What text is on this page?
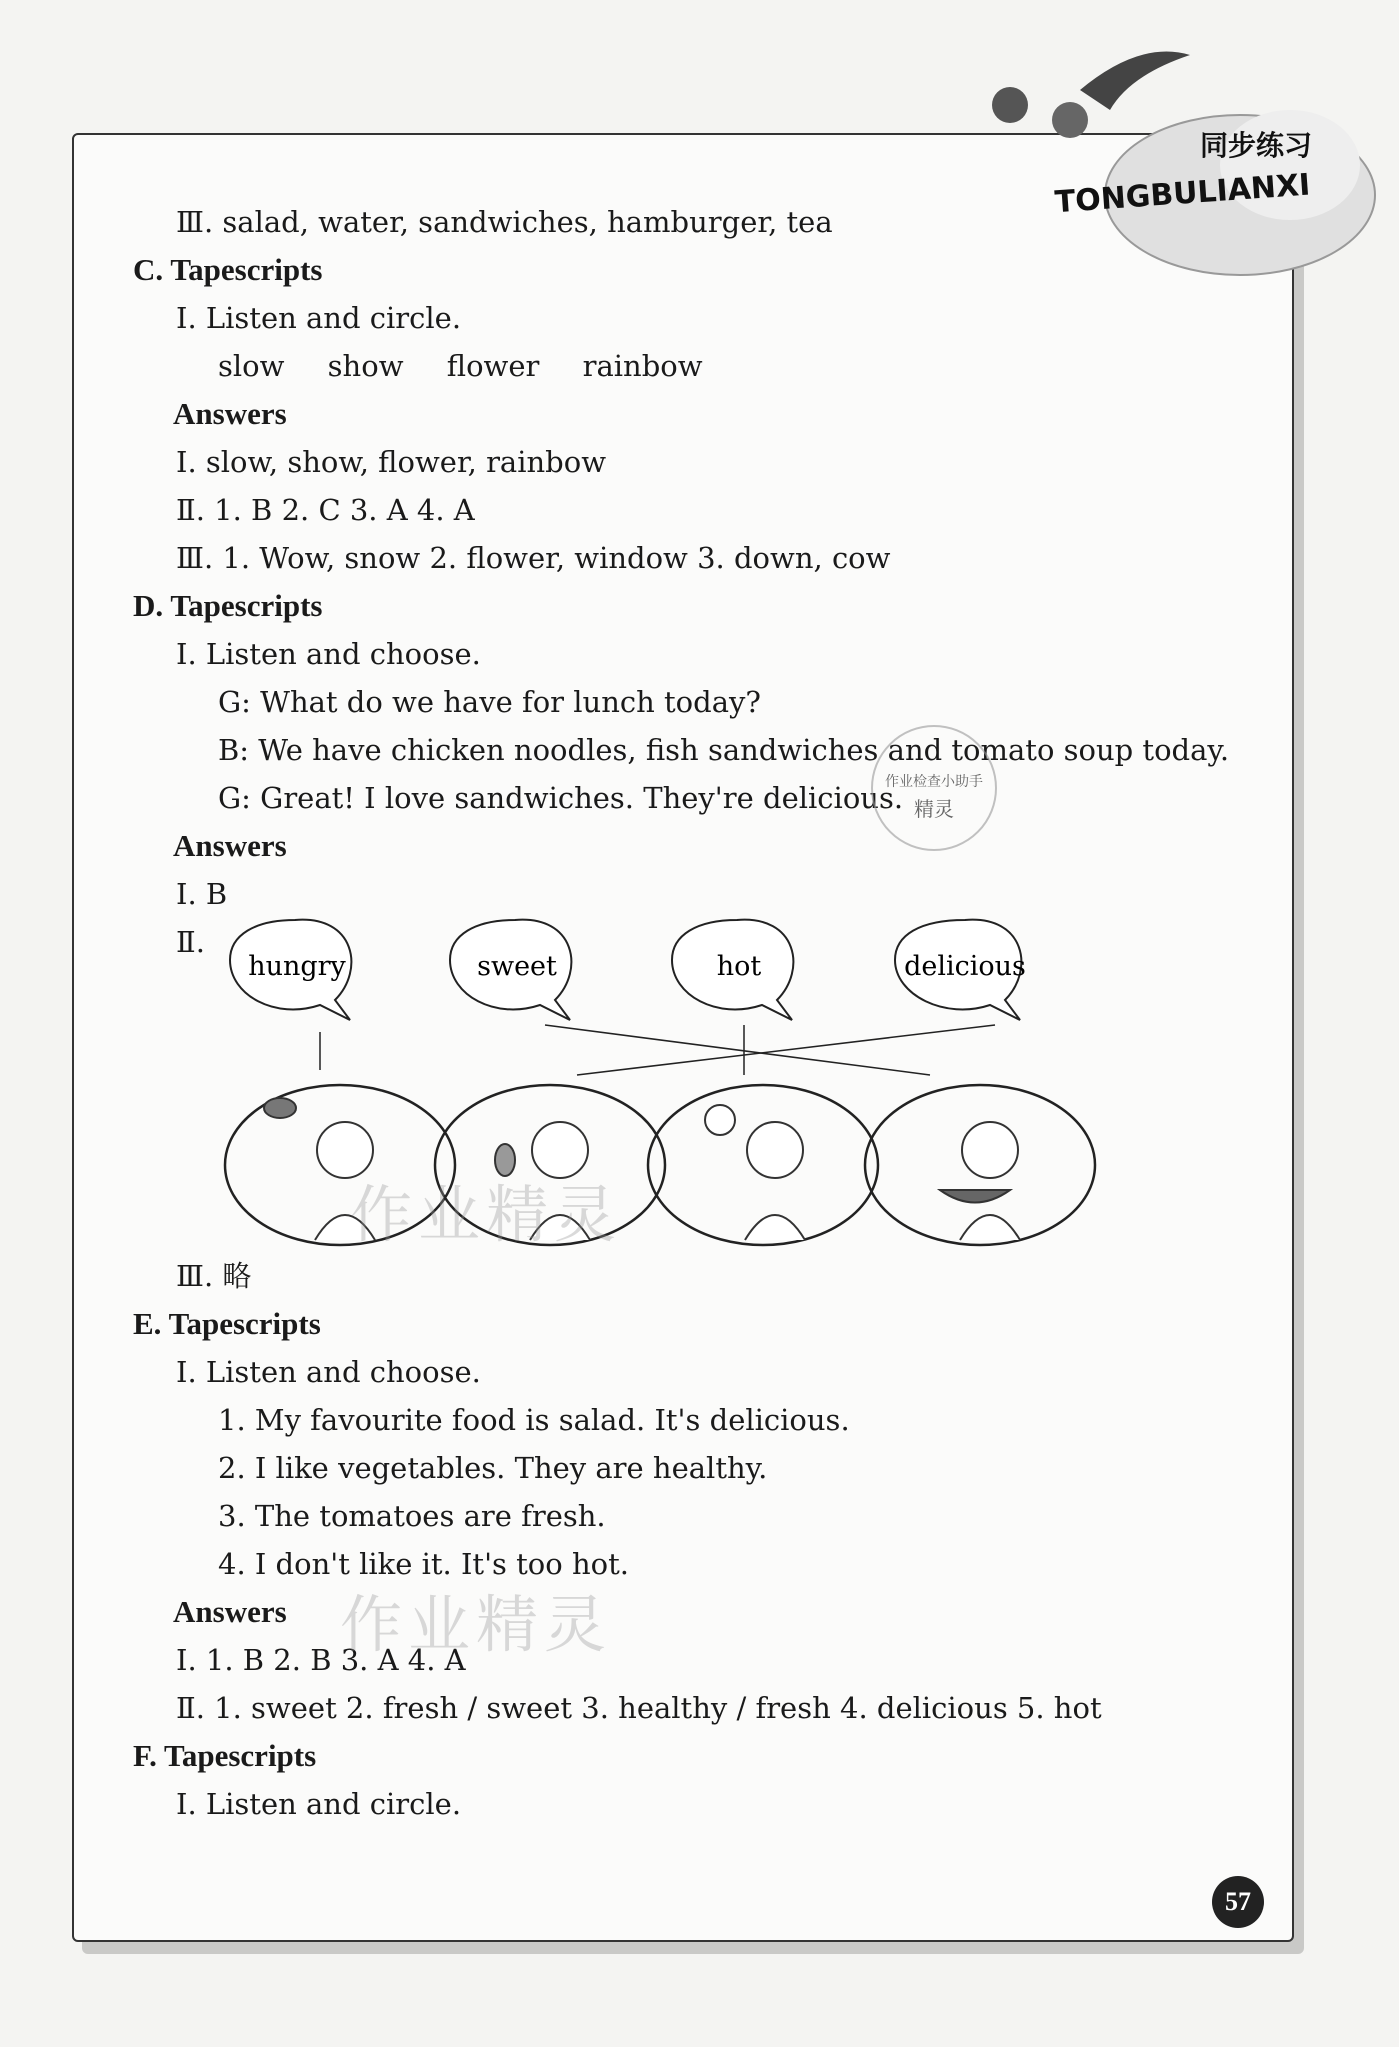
同步练习
TONGBULIANXI
Ⅲ. salad, water, sandwiches, hamburger, tea
C. Tapescripts
Ⅰ. Listen and circle.
slow show flower rainbow
Answers
Ⅰ. slow, show, flower, rainbow
Ⅱ. 1. B 2. C 3. A 4. A
Ⅲ. 1. Wow, snow 2. flower, window 3. down, cow
D. Tapescripts
Ⅰ. Listen and choose.
G: What do we have for lunch today?
B: We have chicken noodles, fish sandwiches and tomato soup today.
G: Great! I love sandwiches. They're delicious.
Answers
Ⅰ. B
Ⅱ.
hungry	sweet	hot	delicious
Ⅲ. 略
E. Tapescripts
Ⅰ. Listen and choose.
1. My favourite food is salad. It's delicious.
2. I like vegetables. They are healthy.
3. The tomatoes are fresh.
4. I don't like it. It's too hot.
Answers
Ⅰ. 1. B 2. B 3. A 4. A
Ⅱ. 1. sweet 2. fresh / sweet 3. healthy / fresh 4. delicious 5. hot
F. Tapescripts
Ⅰ. Listen and circle.
作业检查小助手
精灵
作业精灵
作业精灵
57
